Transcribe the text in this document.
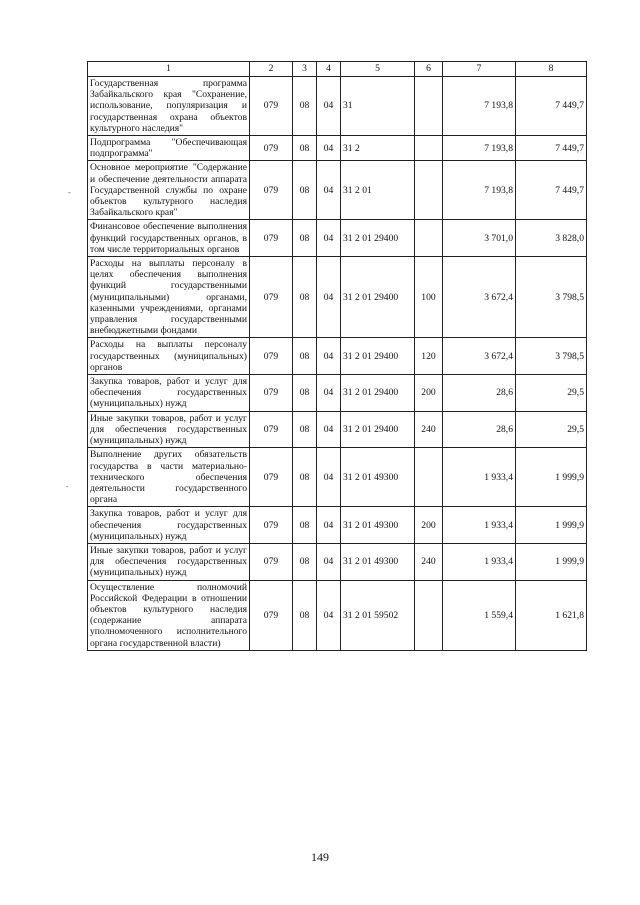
1	2	3	4	5	6	7	8
Государственная программа Забайкальского края "Сохранение, использование, популяризация и государственная охрана объектов культурного наследия"	079	08	04	31		7 193,8	7 449,7
Подпрограмма "Обеспечивающая подпрограмма"	079	08	04	31 2		7 193,8	7 449,7
Основное мероприятие "Содержание и обеспечение деятельности аппарата Государственной службы по охране объектов культурного наследия Забайкальского края"	079	08	04	31 2 01		7 193,8	7 449,7
Финансовое обеспечение выполнения функций государственных органов, в том числе территориальных органов	079	08	04	31 2 01 29400		3 701,0	3 828,0
Расходы на выплаты персоналу в целях обеспечения выполнения функций государственными (муниципальными) органами, казенными учреждениями, органами управления государственными внебюджетными фондами	079	08	04	31 2 01 29400	100	3 672,4	3 798,5
Расходы на выплаты персоналу государственных (муниципальных) органов	079	08	04	31 2 01 29400	120	3 672,4	3 798,5
Закупка товаров, работ и услуг для обеспечения государственных (муниципальных) нужд	079	08	04	31 2 01 29400	200	28,6	29,5
Иные закупки товаров, работ и услуг для обеспечения государственных (муниципальных) нужд	079	08	04	31 2 01 29400	240	28,6	29,5
Выполнение других обязательств государства в части материально-технического обеспечения деятельности государственного органа	079	08	04	31 2 01 49300		1 933,4	1 999,9
Закупка товаров, работ и услуг для обеспечения государственных (муниципальных) нужд	079	08	04	31 2 01 49300	200	1 933,4	1 999,9
Иные закупки товаров, работ и услуг для обеспечения государственных (муниципальных) нужд	079	08	04	31 2 01 49300	240	1 933,4	1 999,9
Осуществление полномочий Российской Федерации в отношении объектов культурного наследия (содержание аппарата уполномоченного исполнительного органа государственной власти)	079	08	04	31 2 01 59502		1 559,4	1 621,8
-
-
149
